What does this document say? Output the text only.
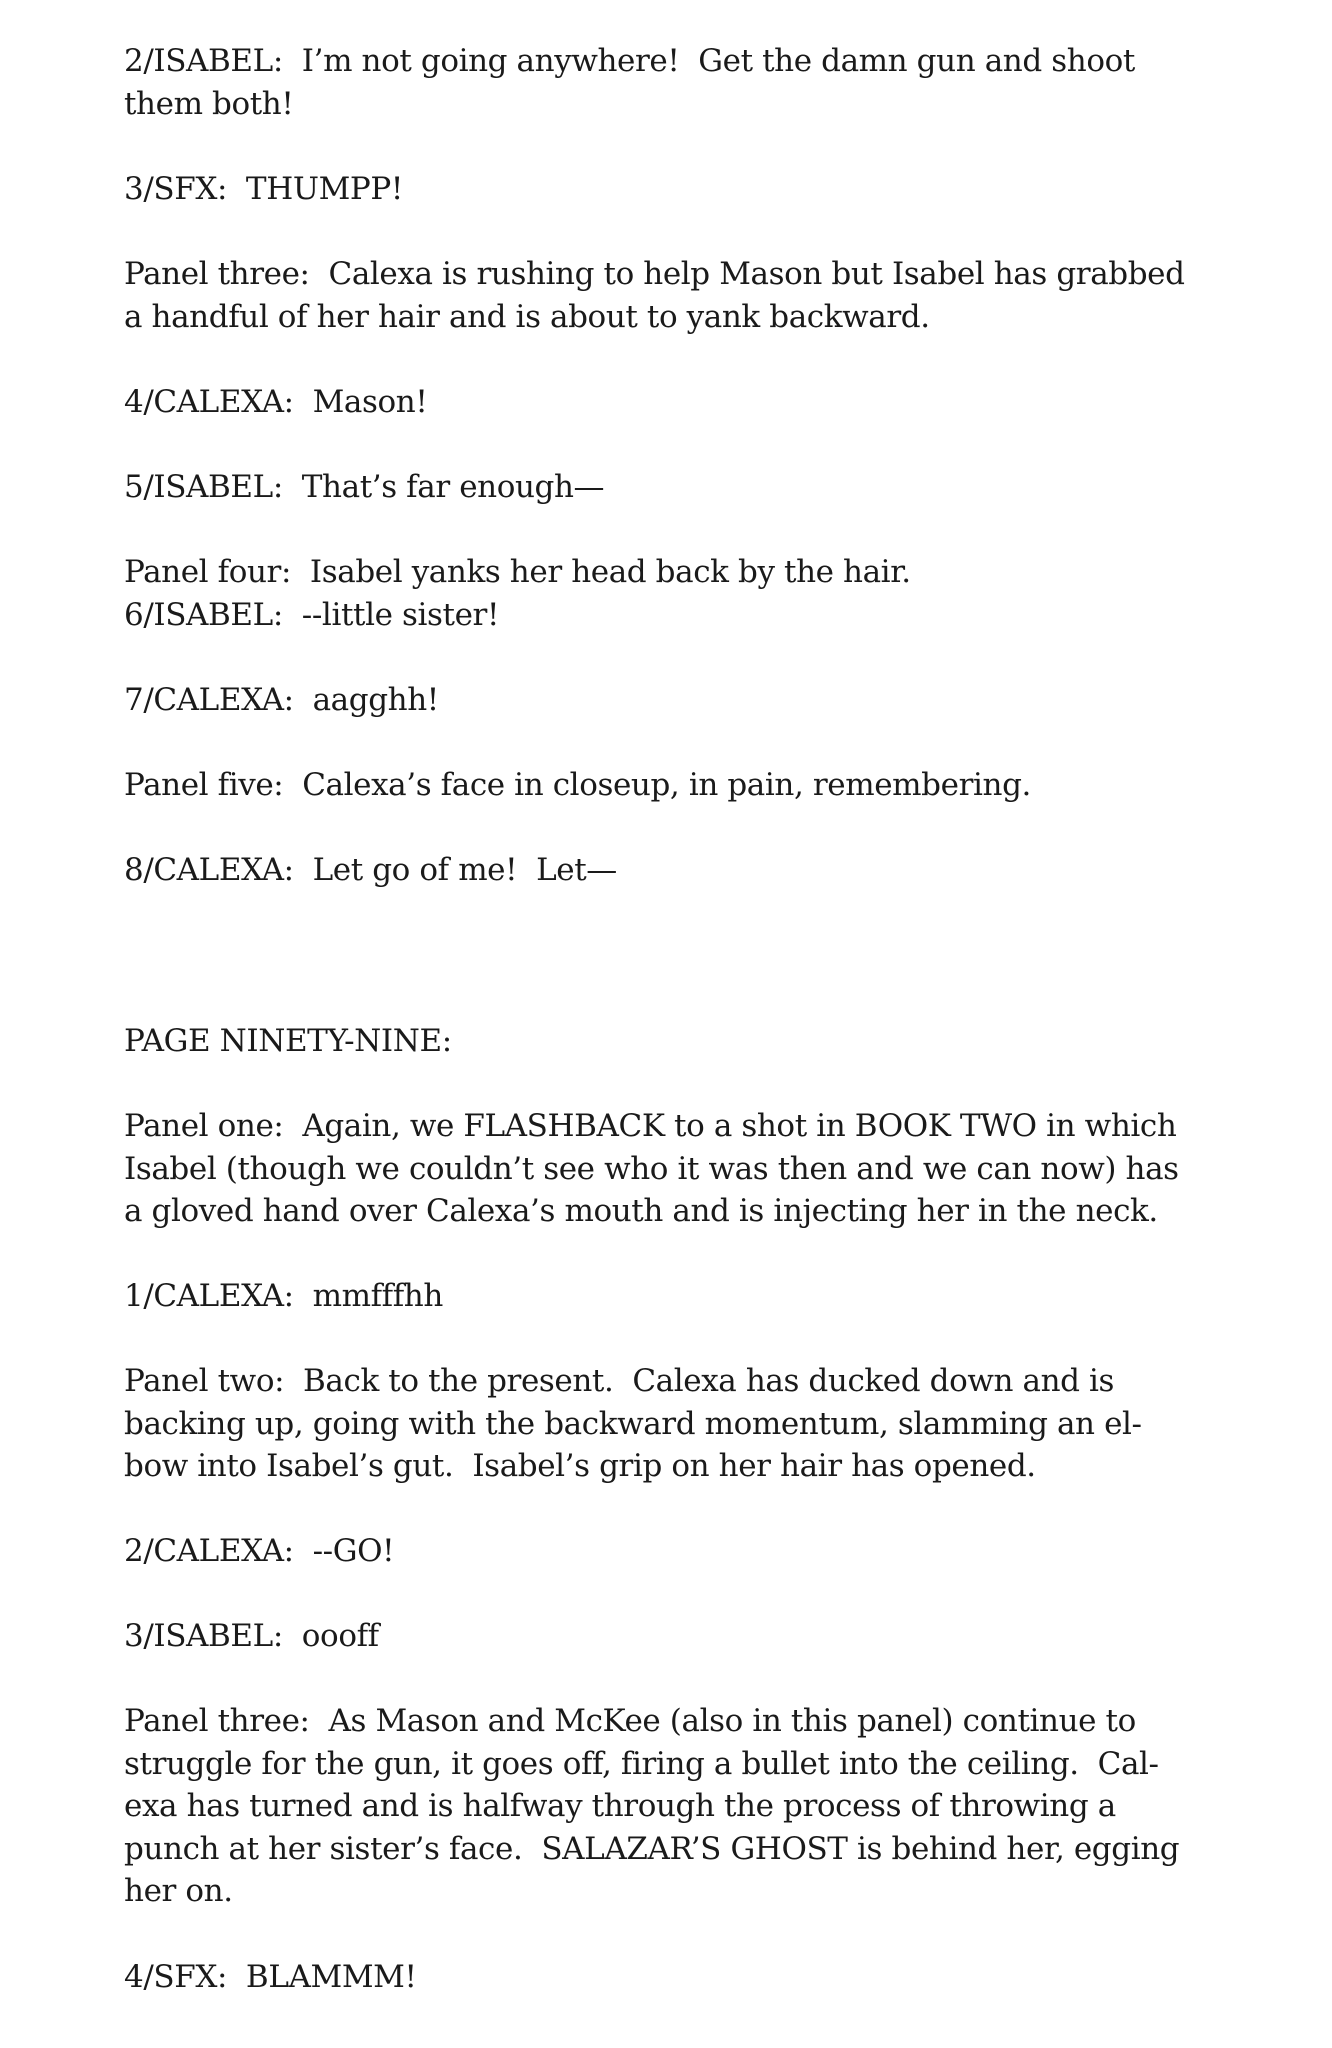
2/ISABEL:  I’m not going anywhere!  Get the damn gun and shoot
them both!

3/SFX:  THUMPP!

Panel three:  Calexa is rushing to help Mason but Isabel has grabbed
a handful of her hair and is about to yank backward.

4/CALEXA:  Mason!

5/ISABEL:  That’s far enough—

Panel four:  Isabel yanks her head back by the hair.
6/ISABEL:  --little sister!

7/CALEXA:  aagghh!

Panel five:  Calexa’s face in closeup, in pain, remembering.

8/CALEXA:  Let go of me!  Let—

PAGE NINETY-NINE:

Panel one:  Again, we FLASHBACK to a shot in BOOK TWO in which
Isabel (though we couldn’t see who it was then and we can now) has
a gloved hand over Calexa’s mouth and is injecting her in the neck.

1/CALEXA:  mmfffhh

Panel two:  Back to the present.  Calexa has ducked down and is
backing up, going with the backward momentum, slamming an el-
bow into Isabel’s gut.  Isabel’s grip on her hair has opened.

2/CALEXA:  --GO!

3/ISABEL:  oooff

Panel three:  As Mason and McKee (also in this panel) continue to
struggle for the gun, it goes off, firing a bullet into the ceiling.  Cal-
exa has turned and is halfway through the process of throwing a
punch at her sister’s face.  SALAZAR’S GHOST is behind her, egging
her on.

4/SFX:  BLAMMM!
